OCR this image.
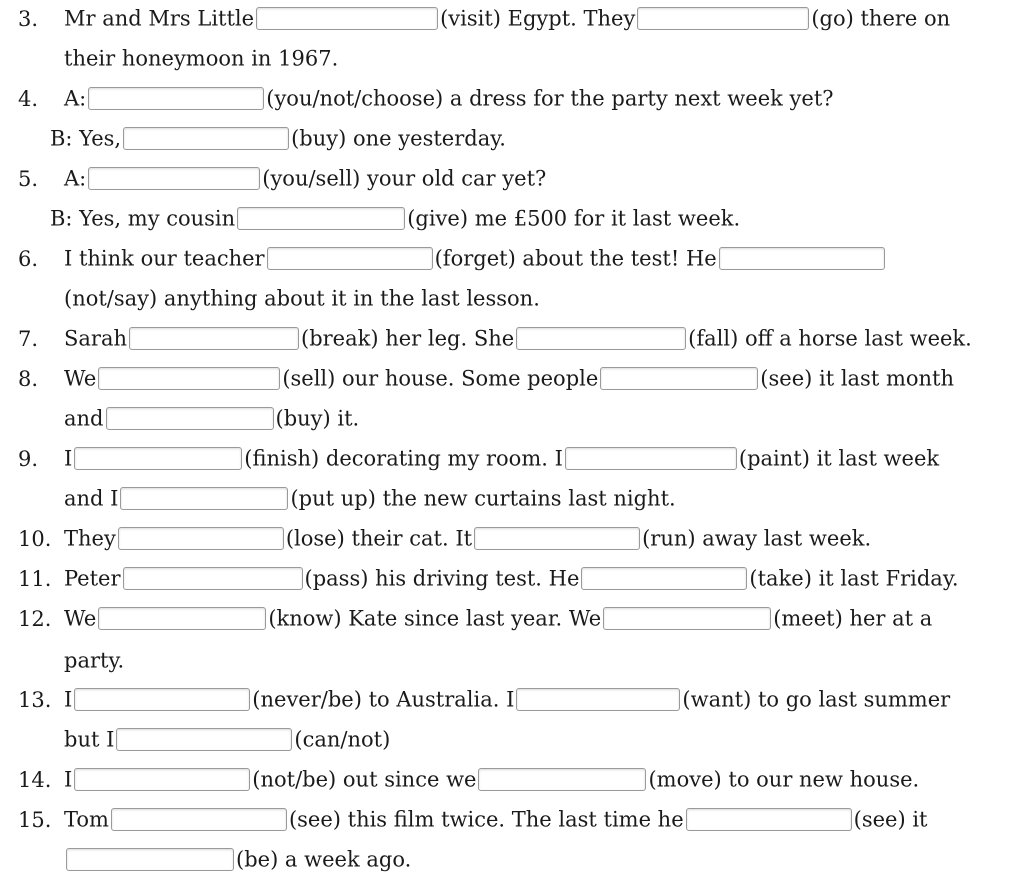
3. Mr and Mrs Little	(visit) Egypt. They	(go) there on
their honeymoon in 1967.
4. A:	(you/not/choose) a dress for the party next week yet?
B: Yes,	(buy) one yesterday.
5. A:	(you/sell) your old car yet?
B: Yes, my cousin	(give) me £500 for it last week.
6. I think our teacher	(forget) about the test! He
(not/say) anything about it in the last lesson.
7. Sarah	(break) her leg. She	(fall) off a horse last week.
8. We	(sell) our house. Some people	(see) it last month
and	(buy) it.
9. I	(finish) decorating my room. I	(paint) it last week
and I	(put up) the new curtains last night.
10. They	(lose) their cat. It	(run) away last week.
11. Peter	(pass) his driving test. He	(take) it last Friday.
12. We	(know) Kate since last year. We	(meet) her at a
party.
13. I	(never/be) to Australia. I	(want) to go last summer
but I	(can/not)
14. I	(not/be) out since we	(move) to our new house.
15. Tom	(see) this film twice. The last time he	(see) it
(be) a week ago.
